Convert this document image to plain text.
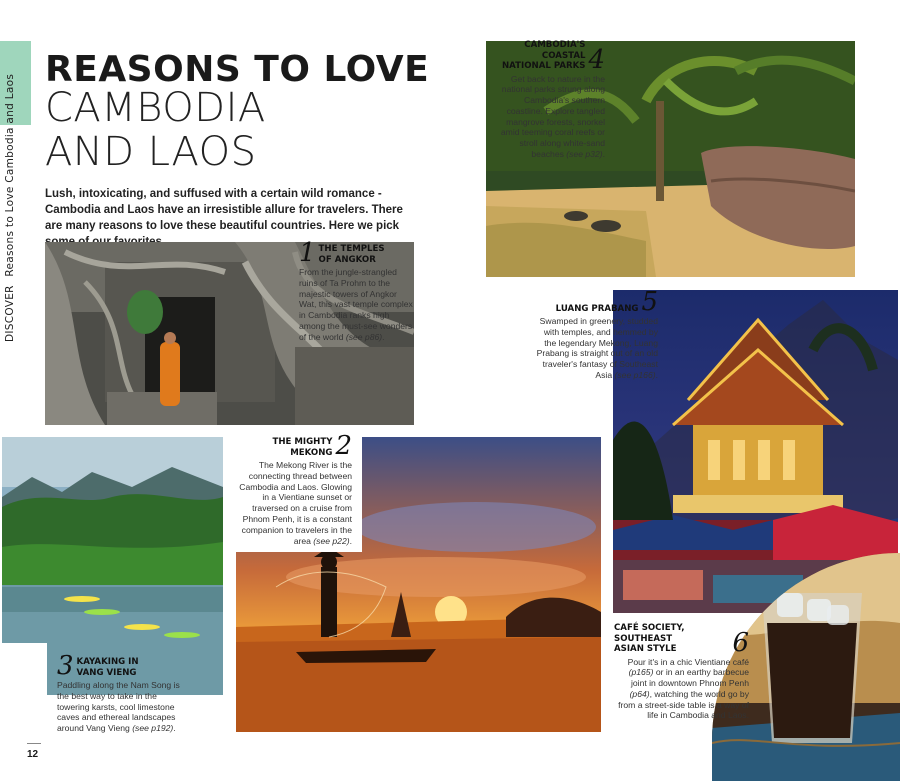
DISCOVER Reasons to Love Cambodia and Laos
REASONS TO LOVE
CAMBODIA
AND LAOS

Lush, intoxicating, and suffused with a certain wild romance - Cambodia and Laos have an irresistible allure for travelers. There are many reasons to love these beautiful countries. Here we pick

1 THE TEMPLES
OF ANGKOR
From the jungle-strangled ruins of Ta Prohm to the majestic towers of Angkor Wat, this vast temple complex in Cambodia ranks high among the must-see wonders of the world (see p86).
CAMBODIA'S COASTAL
NATIONAL PARKS 4
Get back to nature in the national parks strung along Cambodia's southern coastline. Explore tangled mangrove forests, snorkel amid teeming coral reefs or stroll along white-sand beaches (see p32).
LUANG PRABANG 5
Swamped in greenery, studded with temples, and hemmed by the legendary Mekong, Luang Prabang is straight out of an old traveler's fantasy of Southeast Asia (see p166).
3 KAYAKING IN
VANG VIENG
Paddling along the Nam Song is the best way to take in the towering karsts, cool limestone caves and ethereal landscapes around Vang Vieng (see p192).
THE MIGHTY
MEKONG 2
The Mekong River is the connecting thread between Cambodia and Laos. Glowing in a Vientiane sunset or traversed on a cruise from Phnom Penh, it is a constant companion to travelers in the area (see p22).
CAFÉ SOCIETY, SOUTHEAST
ASIAN STYLE	6
Pour it's in a chic Vientiane café (p165) or in an earthy barbecue joint in downtown Phnom Penh (p64), watching the world go by from a street-side table is a way of life in Cambodia and Laos.
12
